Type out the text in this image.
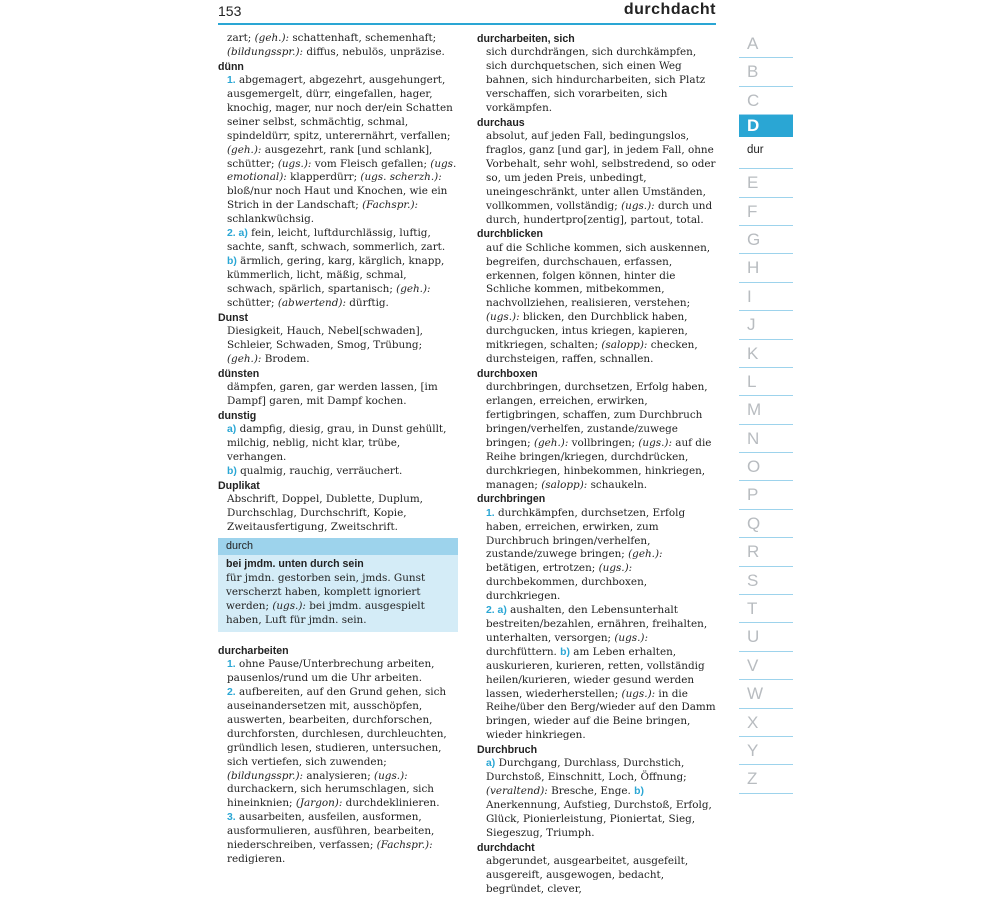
153	durchdacht
zart; (geh.): schattenhaft, schemenhaft; (bildungsspr.): diffus, nebulös, unpräzise.
dünn
1. abgemagert, abgezehrt, ausgehungert, ausgemergelt, dürr, eingefallen, hager, knochig, mager, nur noch der/ein Schatten seiner selbst, schmächtig, schmal, spindeldürr, spitz, unterernährt, verfallen; (geh.): ausgezehrt, rank [und schlank], schütter; (ugs.): vom Fleisch gefallen; (ugs. emotional): klapperdürr; (ugs. scherzh.): bloß/nur noch Haut und Knochen, wie ein Strich in der Landschaft; (Fachspr.): schlankwüchsig.
2. a) fein, leicht, luftdurchlässig, luftig, sachte, sanft, schwach, sommerlich, zart. b) ärmlich, gering, karg, kärglich, knapp, kümmerlich, licht, mäßig, schmal, schwach, spärlich, spartanisch; (geh.): schütter; (abwertend): dürftig.
Dunst
Diesigkeit, Hauch, Nebel[schwaden], Schleier, Schwaden, Smog, Trübung; (geh.): Brodem.
dünsten
dämpfen, garen, gar werden lassen, [im Dampf] garen, mit Dampf kochen.
dunstig
a) dampfig, diesig, grau, in Dunst gehüllt, milchig, neblig, nicht klar, trübe, verhangen.
b) qualmig, rauchig, verräuchert.
Duplikat
Abschrift, Doppel, Dublette, Duplum, Durchschlag, Durchschrift, Kopie, Zweitausfertigung, Zweitschrift.
durch
bei jmdm. unten durch sein
für jmdn. gestorben sein, jmds. Gunst verscherzt haben, komplett ignoriert werden; (ugs.): bei jmdm. ausgespielt haben, Luft für jmdn. sein.
durcharbeiten
1. ohne Pause/Unterbrechung arbeiten, pausenlos/rund um die Uhr arbeiten.
2. aufbereiten, auf den Grund gehen, sich auseinandersetzen mit, ausschöpfen, auswerten, bearbeiten, durchforschen, durchforsten, durchlesen, durchleuchten, gründlich lesen, studieren, untersuchen, sich vertiefen, sich zuwenden; (bildungsspr.): analysieren; (ugs.): durchackern, sich herumschlagen, sich hineinknien; (Jargon): durchdeklinieren.
3. ausarbeiten, ausfeilen, ausformen, ausformulieren, ausführen, bearbeiten, niederschreiben, verfassen; (Fachspr.): redigieren.
durcharbeiten, sich
sich durchdrängen, sich durchkämpfen, sich durchquetschen, sich einen Weg bahnen, sich hindurcharbeiten, sich Platz verschaffen, sich vorarbeiten, sich vorkämpfen.
durchaus
absolut, auf jeden Fall, bedingungslos, fraglos, ganz [und gar], in jedem Fall, ohne Vorbehalt, sehr wohl, selbstredend, so oder so, um jeden Preis, unbedingt, uneingeschränkt, unter allen Umständen, vollkommen, vollständig; (ugs.): durch und durch, hundertpro[zentig], partout, total.
durchblicken
auf die Schliche kommen, sich auskennen, begreifen, durchschauen, erfassen, erkennen, folgen können, hinter die Schliche kommen, mitbekommen, nachvollziehen, realisieren, verstehen; (ugs.): blicken, den Durchblick haben, durchgucken, intus kriegen, kapieren, mitkriegen, schalten; (salopp): checken, durchsteigen, raffen, schnallen.
durchboxen
durchbringen, durchsetzen, Erfolg haben, erlangen, erreichen, erwirken, fertigbringen, schaffen, zum Durchbruch bringen/verhelfen, zustande/zuwege bringen; (geh.): vollbringen; (ugs.): auf die Reihe bringen/kriegen, durchdrücken, durchkriegen, hinbekommen, hinkriegen, managen; (salopp): schaukeln.
durchbringen
1. durchkämpfen, durchsetzen, Erfolg haben, erreichen, erwirken, zum Durchbruch bringen/verhelfen, zustande/zuwege bringen; (geh.): betätigen, ertrotzen; (ugs.): durchbekommen, durchboxen, durchkriegen.
2. a) aushalten, den Lebensunterhalt bestreiten/bezahlen, ernähren, freihalten, unterhalten, versorgen; (ugs.): durchfüttern. b) am Leben erhalten, auskurieren, kurieren, retten, vollständig heilen/kurieren, wieder gesund werden lassen, wiederherstellen; (ugs.): in die Reihe/über den Berg/wieder auf den Damm bringen, wieder auf die Beine bringen, wieder hinkriegen.
Durchbruch
a) Durchgang, Durchlass, Durchstich, Durchstoß, Einschnitt, Loch, Öffnung; (veraltend): Bresche, Enge. b) Anerkennung, Aufstieg, Durchstoß, Erfolg, Glück, Pionierleistung, Pioniertat, Sieg, Siegeszug, Triumph.
durchdacht
abgerundet, ausgearbeitet, ausgefeilt, ausgereift, ausgewogen, bedacht, begründet, clever,
A
B
C
D
dur
E
F
G
H
I
J
K
L
M
N
O
P
Q
R
S
T
U
V
W
X
Y
Z
